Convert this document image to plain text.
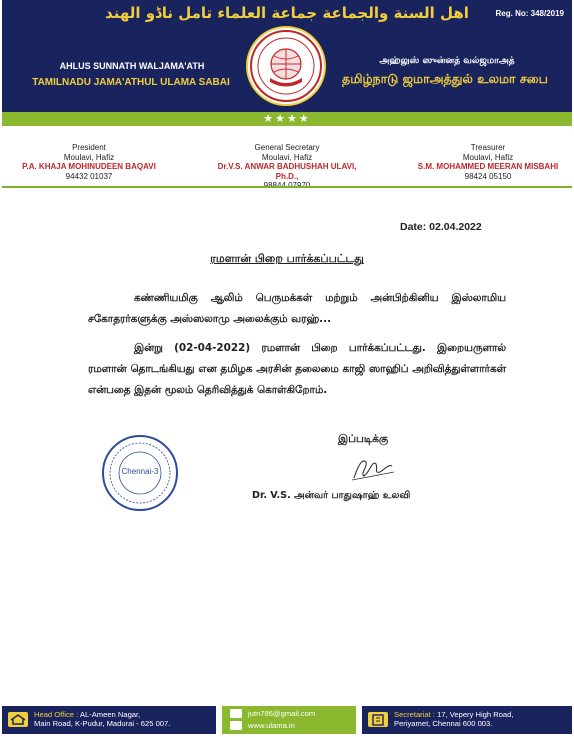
اهل السنة والجماعة جماعة العلماء تامل ناڈو الھند	Reg. No: 348/2019
AHLUS SUNNATH WALJAMA'ATH
TAMILNADU JAMA'ATHUL ULAMA SABAI
அஹ்லுஸ் ஸுன்னத் வல்ஜமாஅத்
தமிழ்நாடு ஜமாஅத்துல் உலமா சபை
★★★★
President
Moulavi, Hafiz
P.A. KHAJA MOHINUDEEN BAQAVI
94432 01037
General Secretary
Moulavi, Hafiz
Dr.V.S. ANWAR BADHUSHAH ULAVI, Ph.D.,
Treasurer
Moulavi, Hafiz
S.M. MOHAMMED MEERAN MISBAHI
98424 05150
Date: 02.04.2022
ரமளான் பிறை பார்க்கப்பட்டது
கண்ணியமிகு ஆலிம் பெருமக்கள் மற்றும் அன்பிற்கினிய இஸ்லாமிய சகோதரர்களுக்கு அஸ்ஸலாமு அலைக்கும் வரஹ்...
இன்று (02-04-2022) ரமளான் பிறை பார்க்கப்பட்டது. இறையருளால் ரமளான் தொடங்கியது என தமிழக அரசின் தலைமை காஜி ஸாஹிப் அறிவித்துள்ளார்கள் என்பதை இதன் மூலம் தெரிவித்துக் கொள்கிறோம்.
Chennai-3
இப்படிக்கு
Dr. V.S. அன்வர் பாதுஷாஹ் உலவி
Head Office : AL-Ameen Nagar,
Main Road, K-Pudur, Madurai - 625 007.
jutn786@gmail.com
www.ulama.in
Secretariat : 17, Vepery High Road,
Periyamet, Chennai 600 003.
